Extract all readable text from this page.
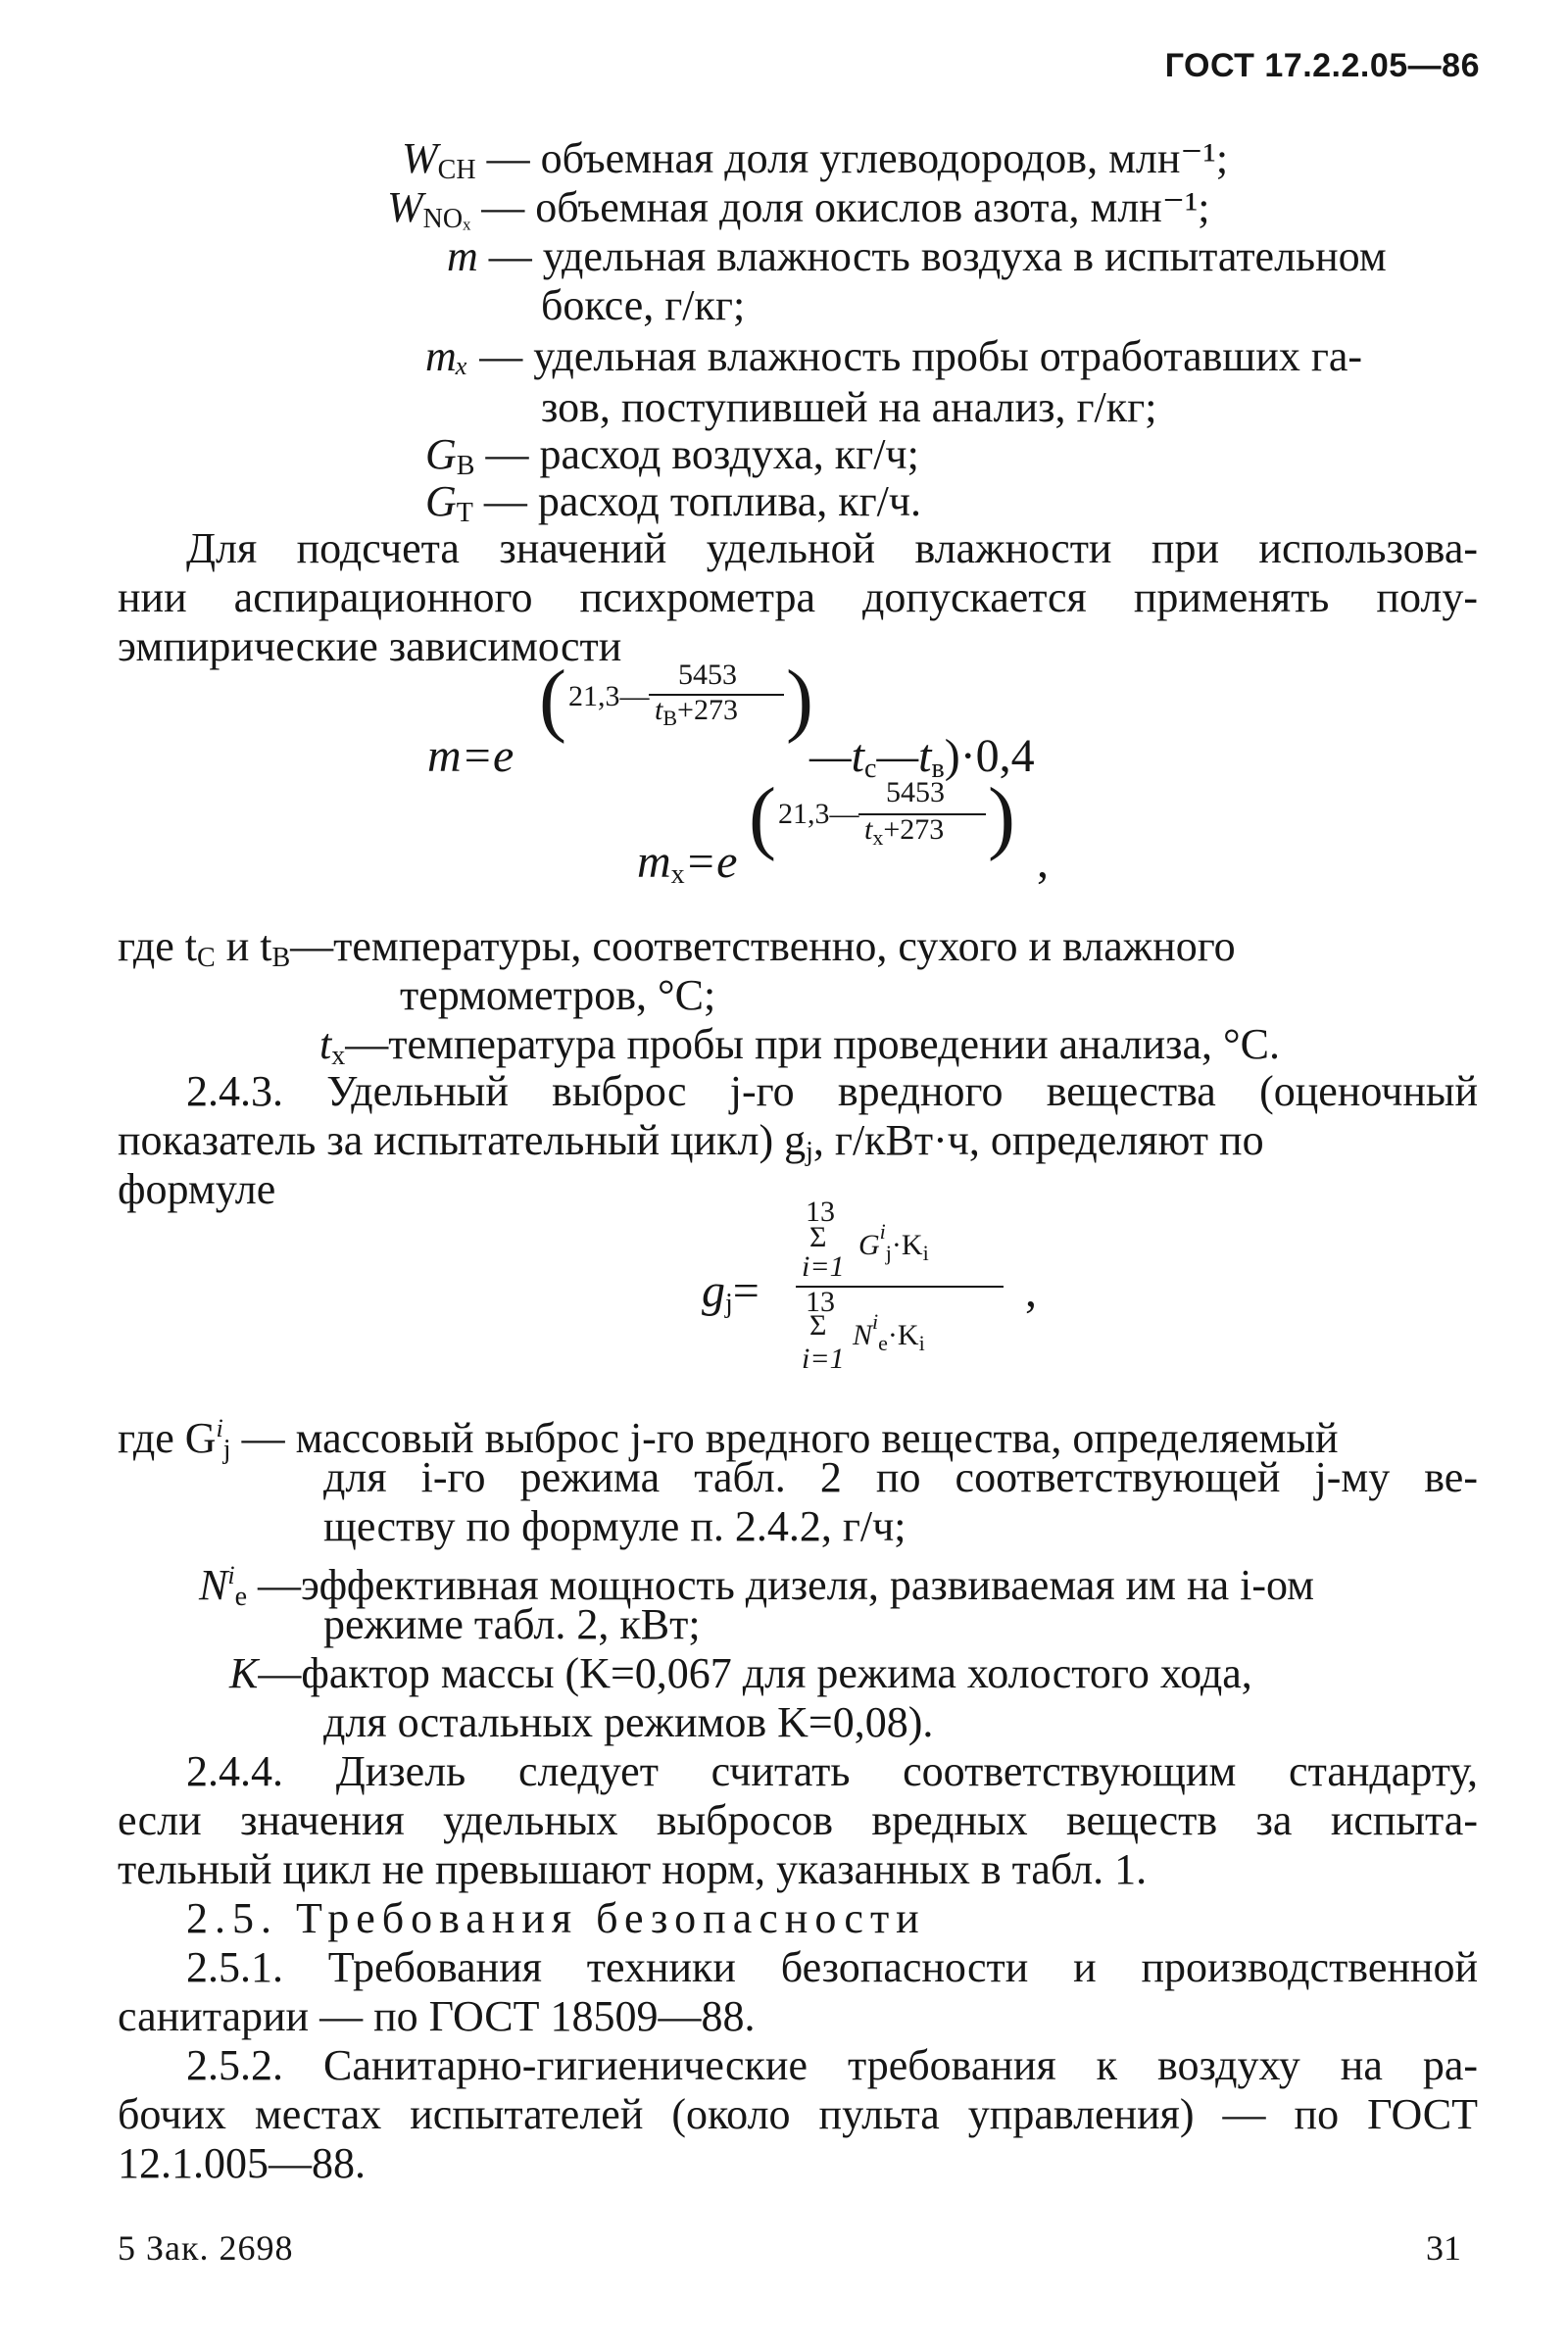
ГОСТ 17.2.2.05—86
$W_{CH}$ — объемная доля углеводородов, млн⁻¹;
$W_{NO_x}$ — объемная доля окислов азота, млн⁻¹;
m — удельная влажность воздуха в испытательном
боксе, г/кг;
mₓ — удельная влажность пробы отработавших га-
зов, поступившей на анализ, г/кг;
$G_В$ — расход воздуха, кг/ч;
$G_Т$ — расход топлива, кг/ч.
Для подсчета значений удельной влажности при использова-
нии аспирационного психрометра допускается применять полу-
эмпирические зависимости
m=e
( 21,3—
5453
$t_В+273$ )
$—t_с—t_в)\cdot 0,4$
$m_x=e$ ( 21,3—
5453
$t_x+273$ ) ,
где $t_С$ и $t_В—температуры$, соответственно, сухого и влажного
термометров, °С;
$t_x—температура$ пробы при проведении анализа, °С.
2.4.3. Удельный выброс j-го вредного вещества (оценочный
показатель за испытательный цикл) $g_j$, г/кВт·ч, определяют по
формуле	13
Σ $G^i_j\cdot K_i$
i=1
$g_j= 13$
Σ $N^i_e\cdot K_i$
i=1
,
где $G^i_j$ — массовый выброс j-го вредного вещества, определяемый
для i-го режима табл. 2 по соответствующей j-му ве-
ществу по формуле п. 2.4.2, г/ч;
$N^i_e$ —эффективная мощность дизеля, развиваемая им на i-ом
режиме табл. 2, кВт;
K—фактор массы (K=0,067 для режима холостого хода,
для остальных режимов K=0,08).
2.4.4. Дизель следует считать соответствующим стандарту,
если значения удельных выбросов вредных веществ за испыта-
тельный цикл не превышают норм, указанных в табл. 1.
2.5. Требования безопасности
2.5.1. Требования техники безопасности и производственной
санитарии — по ГОСТ 18509—88.
2.5.2. Санитарно-гигиенические требования к воздуху на ра-
бочих местах испытателей (около пульта управления) — по ГОСТ
12.1.005—88.
5 Зак. 2698	31
